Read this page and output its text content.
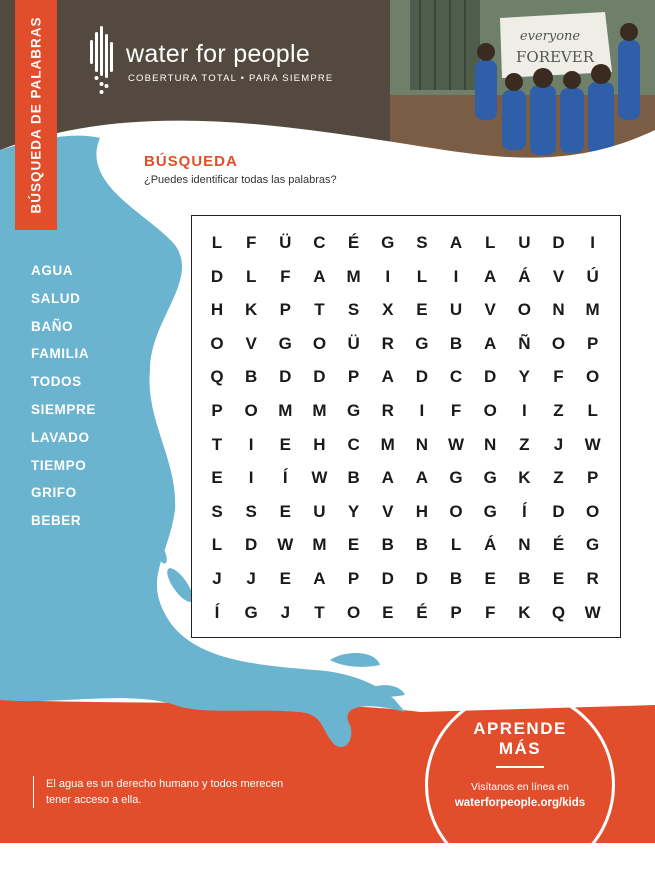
everyone
FOREVER
BÚSQUEDA DE PALABRAS	water for people
COBERTURA TOTAL • PARA SIEMPRE
BÚSQUEDA
¿Puedes identificar todas las palabras?
AGUA
SALUD
BAÑO
FAMILIA
TODOS
SIEMPRE
LAVADO
TIEMPO
GRIFO
BEBER
L	F	Ü	C	É	G	S	A	L	U	D	I
D	L	F	A	M	I	L	I	A	Á	V	Ú
H	K	P	T	S	X	E	U	V	O	N	M
O	V	G	O	Ü	R	G	B	A	Ñ	O	P
Q	B	D	D	P	A	D	C	D	Y	F	O
P	O	M	M	G	R	I	F	O	I	Z	L
T	I	E	H	C	M	N	W	N	Z	J	W
E	I	Í	W	B	A	A	G	G	K	Z	P
S	S	E	U	Y	V	H	O	G	Í	D	O
L	D	W	M	E	B	B	L	Á	N	É	G
J	J	E	A	P	D	D	B	E	B	E	R
Í	G	J	T	O	E	É	P	F	K	Q	W
El agua es un derecho humano y todos merecen tener acceso a ella.
APRENDE
MÁS
Visítanos en línea en
waterforpeople.org/kids
